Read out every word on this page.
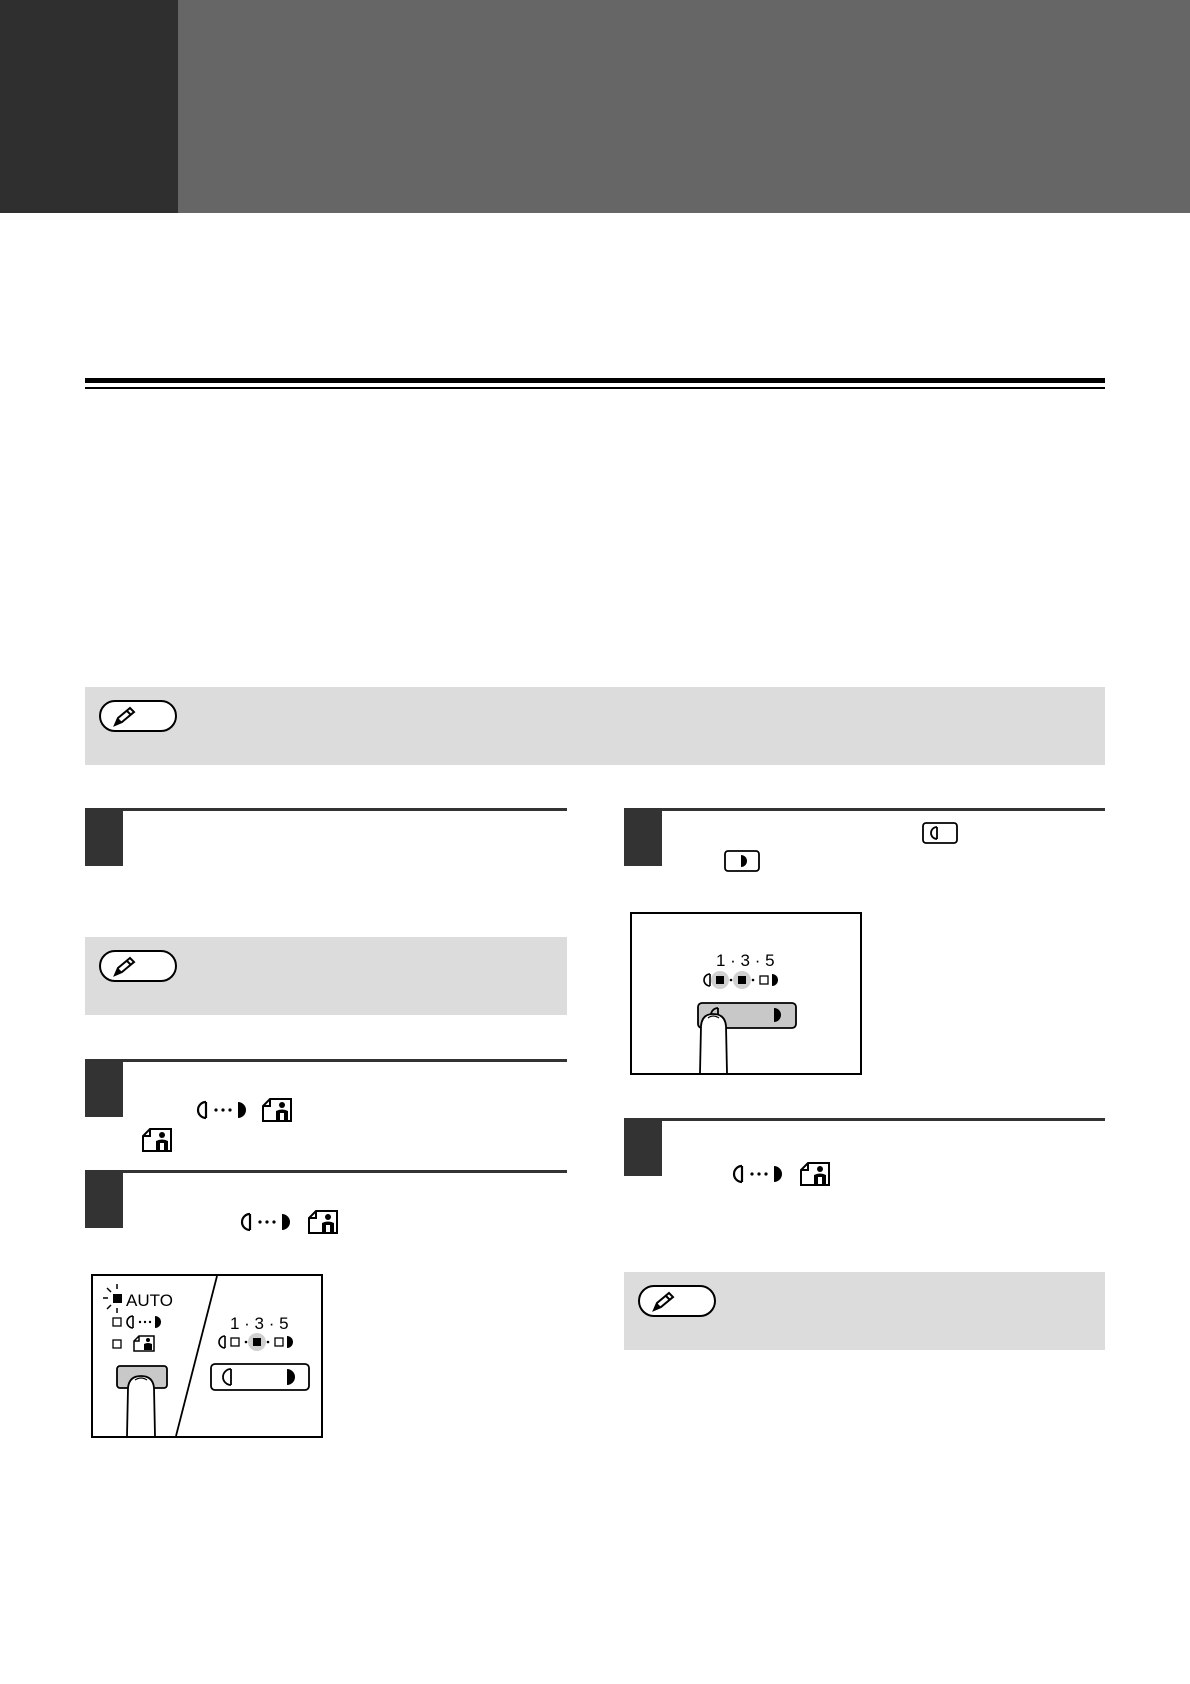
AUTO
1 · 3 · 5
1 · 3 · 5
